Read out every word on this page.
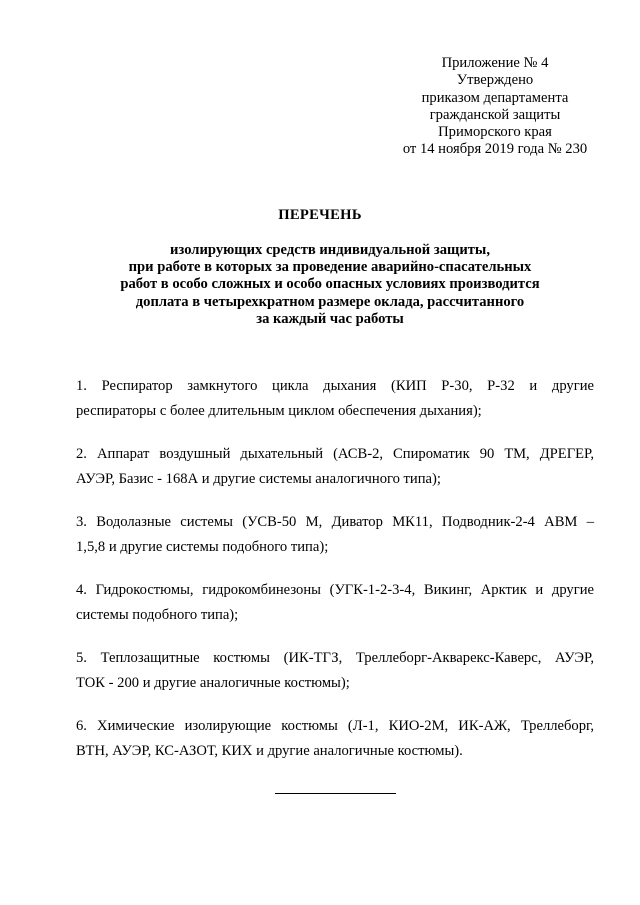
Приложение № 4
Утверждено
приказом департамента
гражданской защиты
Приморского края
от 14 ноября 2019 года № 230
ПЕРЕЧЕНЬ
изолирующих средств индивидуальной защиты,
при работе в которых за проведение аварийно-спасательных
работ в особо сложных и особо опасных условиях производится
доплата в четырехкратном размере оклада, рассчитанного
за каждый час работы
1. Респиратор замкнутого цикла дыхания (КИП Р-30, Р-32 и другие
респираторы с более длительным циклом обеспечения дыхания);
2. Аппарат воздушный дыхательный (АСВ-2, Спиромaтик 90 ТМ, ДРЕГЕР,
АУЭР, Базис - 168А и другие системы аналогичного типа);
3. Водолазные системы (УСВ-50 М, Диватор МК11, Подводник-2-4 АВМ –
1,5,8 и другие системы подобного типа);
4. Гидрокостюмы, гидрокомбинезоны (УГК-1-2-3-4, Викинг, Арктик и другие
системы подобного типа);
5. Теплозащитные костюмы (ИК-ТГЗ, Треллеборг-Акварекс-Каверс, АУЭР,
ТОК - 200 и другие аналогичные костюмы);
6. Химические изолирующие костюмы (Л-1, КИО-2М, ИК-АЖ, Треллеборг,
ВТН, АУЭР, КС-АЗОТ, КИХ и другие аналогичные костюмы).
